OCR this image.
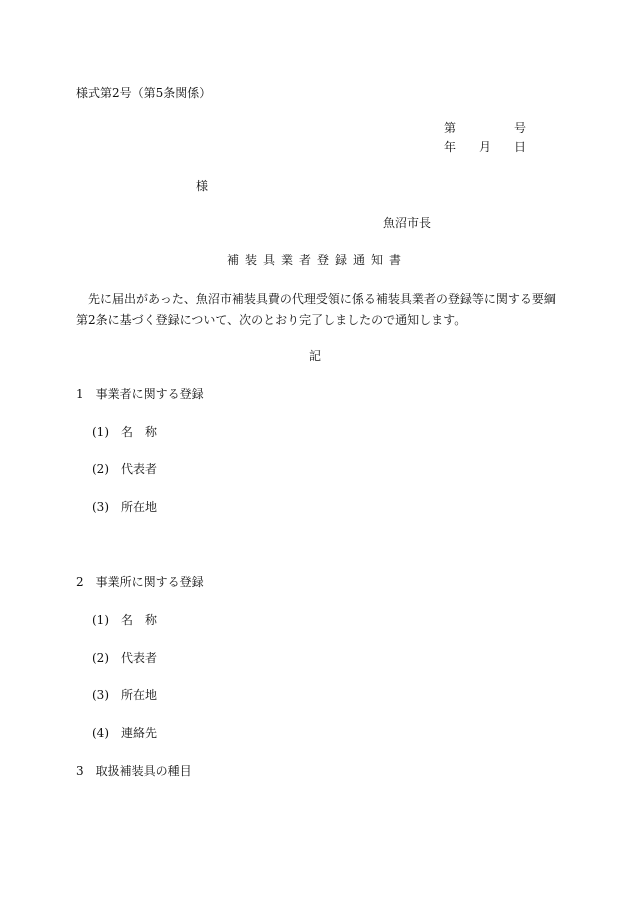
様式第2号（第5条関係）
第	号
年 月 日
様
魚沼市長
補装具業者登録通知書
先に届出があった、魚沼市補装具費の代理受領に係る補装具業者の登録等に関する要綱
第2条に基づく登録について、次のとおり完了しましたので通知します。
記
1　事業者に関する登録
(1)　名　称
(2)　代表者
(3)　所在地
2　事業所に関する登録
(1)　名　称
(2)　代表者
(3)　所在地
(4)　連絡先
3　取扱補装具の種目
